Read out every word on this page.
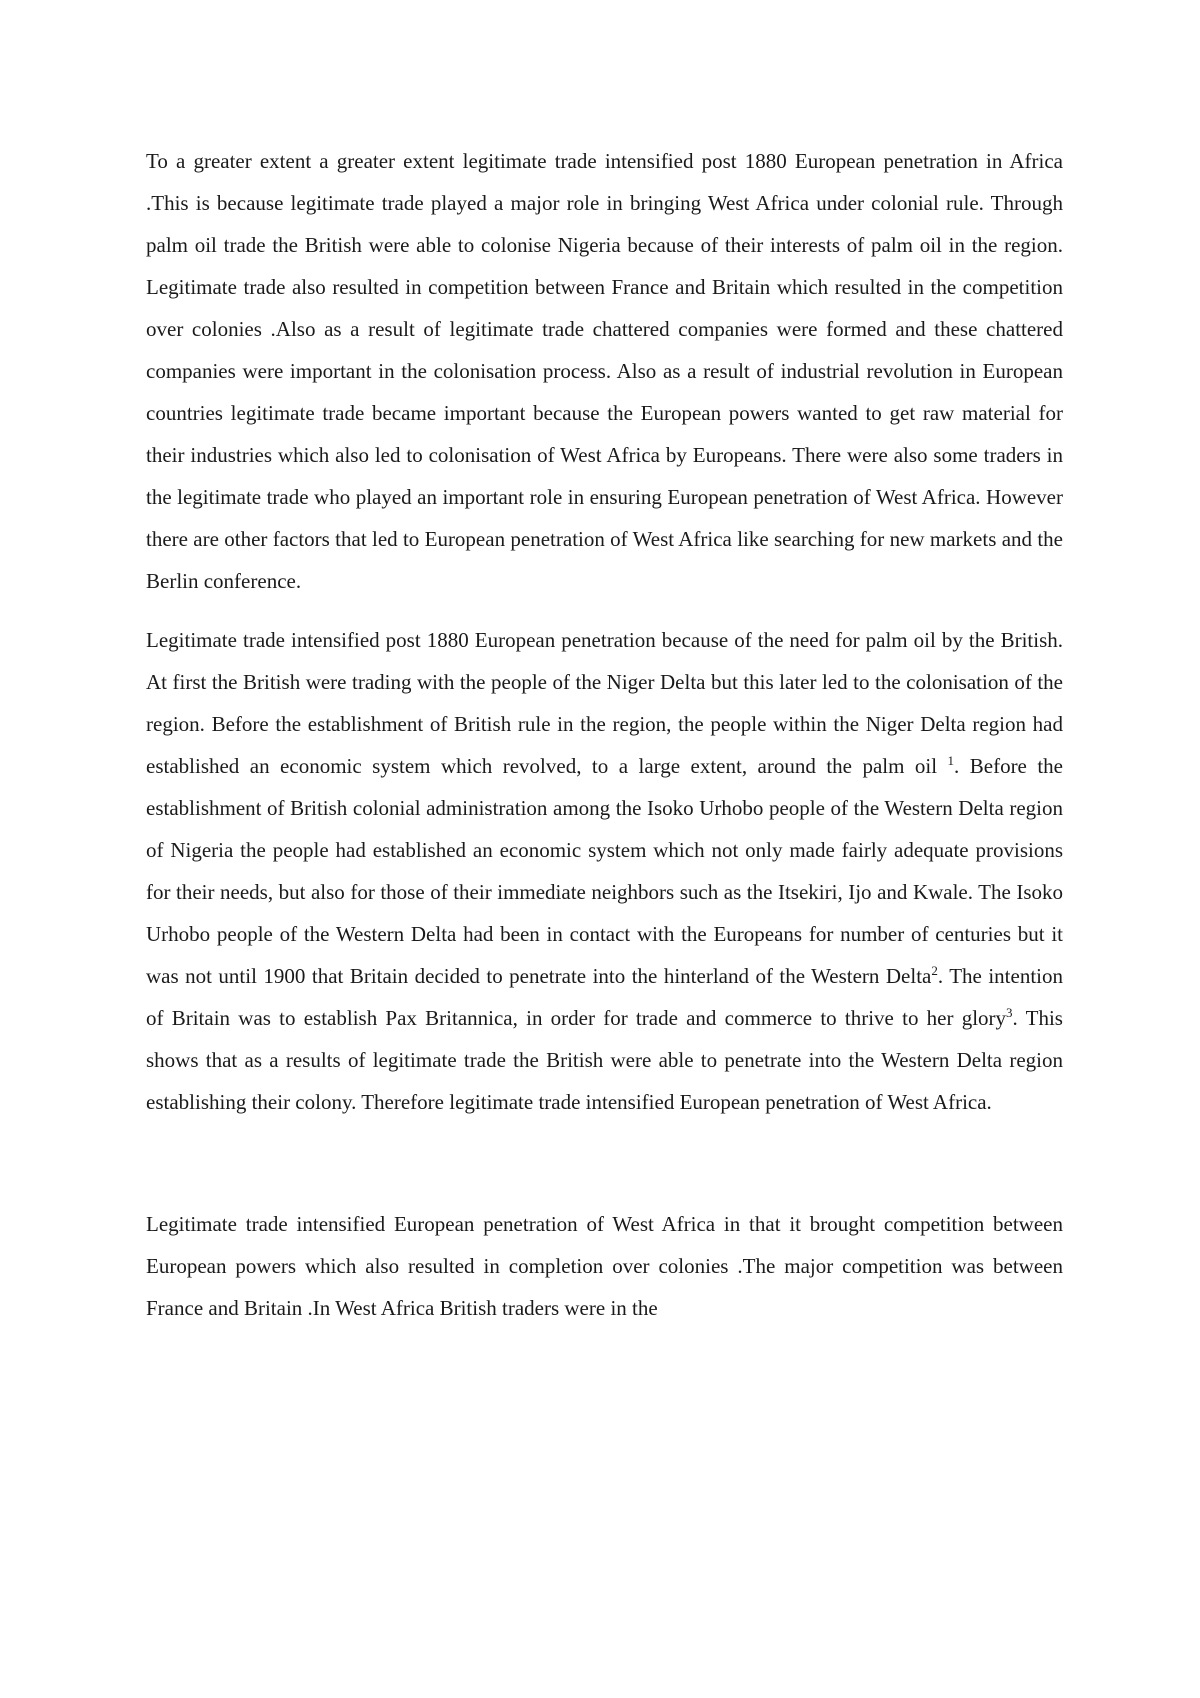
To a greater extent a greater extent legitimate trade intensified post 1880 European penetration in Africa .This is because legitimate trade played a major role in bringing West Africa under colonial rule. Through palm oil trade the British were able to colonise Nigeria because of their interests of palm oil in the region. Legitimate trade also resulted in competition between France and Britain which resulted in the competition over colonies .Also as a result of legitimate trade chattered companies were formed and these chattered companies were important in the colonisation process. Also as a result of industrial revolution in European countries legitimate trade became important because the European powers wanted to get raw material for their industries which also led to colonisation of West Africa by Europeans. There were also some traders in the legitimate trade who played an important role in ensuring European penetration of West Africa. However there are other factors that led to European penetration of West Africa like searching for new markets and the Berlin conference.

Legitimate trade intensified post 1880 European penetration because of the need for palm oil by the British. At first the British were trading with the people of the Niger Delta but this later led to the colonisation of the region. Before the establishment of British rule in the region, the people within the Niger Delta region had established an economic system which revolved, to a large extent, around the palm oil $^1$. Before the establishment of British colonial administration among the Isoko Urhobo people of the Western Delta region of Nigeria the people had established an economic system which not only made fairly adequate provisions for their needs, but also for those of their immediate neighbors such as the Itsekiri, Ijo and Kwale. The Isoko Urhobo people of the Western Delta had been in contact with the Europeans for number of centuries but it was not until 1900 that Britain decided to penetrate into the hinterland of the Western Delta$^2$. The intention of Britain was to establish Pax Britannica, in order for trade and commerce to thrive to her glory$^3$. This shows that as a results of legitimate trade the British were able to penetrate into the Western Delta region establishing their colony. Therefore legitimate trade intensified European penetration of West Africa.

Legitimate trade intensified European penetration of West Africa in that it brought competition between European powers which also resulted in completion over colonies .The major competition was between France and Britain .In West Africa British traders were in the
